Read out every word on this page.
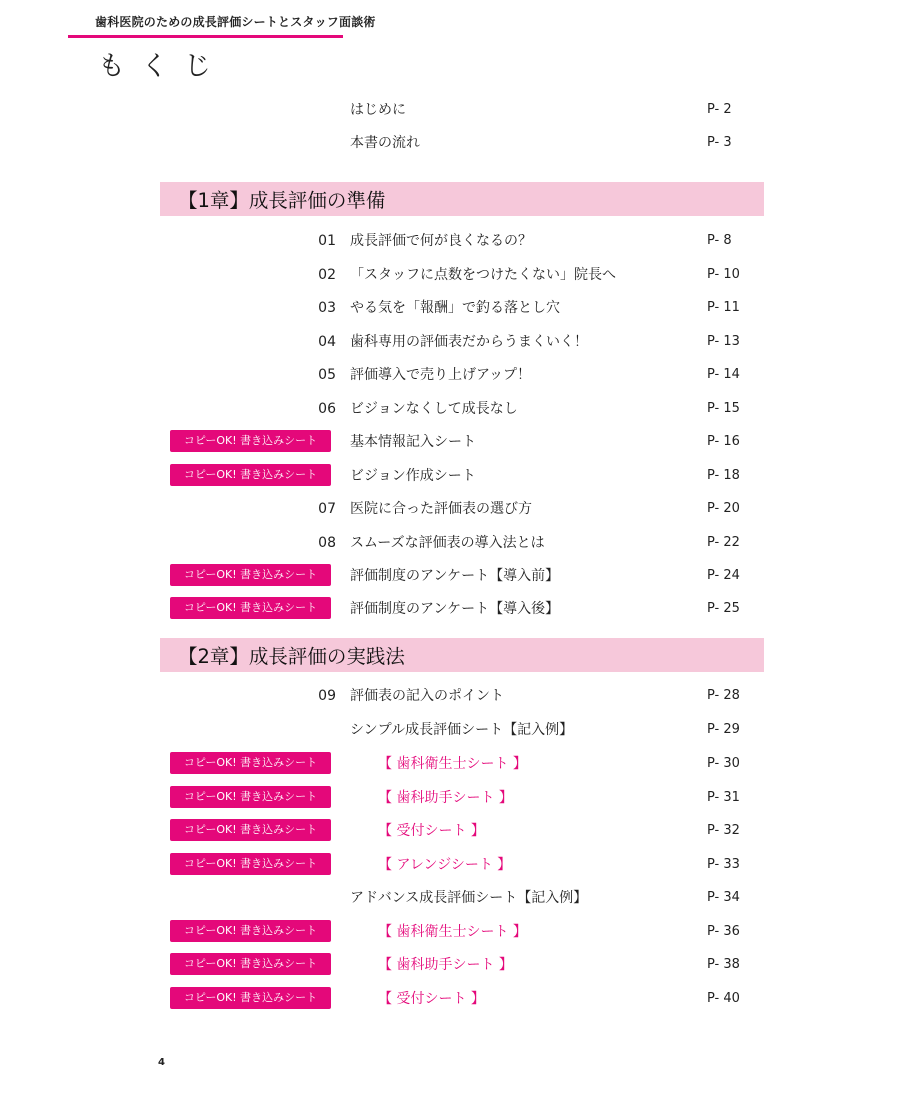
歯科医院のための成長評価シートとスタッフ面談術
もくじ
はじめに	P- 2
本書の流れ	P- 3
【1章】成長評価の準備
01 成長評価で何が良くなるの？	P- 8
02 「スタッフに点数をつけたくない」院長へ	P- 10
03 やる気を「報酬」で釣る落とし穴	P- 11
04 歯科専用の評価表だからうまくいく！	P- 13
05 評価導入で売り上げアップ！	P- 14
06 ビジョンなくして成長なし	P- 15
コピーOK! 書き込みシート	基本情報記入シート	P- 16
コピーOK! 書き込みシート	ビジョン作成シート	P- 18
07 医院に合った評価表の選び方	P- 20
08 スムーズな評価表の導入法とは	P- 22
コピーOK! 書き込みシート	評価制度のアンケート【導入前】	P- 24
コピーOK! 書き込みシート	評価制度のアンケート【導入後】	P- 25
【2章】成長評価の実践法
09 評価表の記入のポイント	P- 28
シンプル成長評価シート【記入例】	P- 29
コピーOK! 書き込みシート	【 歯科衛生士シート 】	P- 30
コピーOK! 書き込みシート	【 歯科助手シート 】	P- 31
コピーOK! 書き込みシート	【 受付シート 】	P- 32
コピーOK! 書き込みシート	【 アレンジシート 】	P- 33
アドバンス成長評価シート【記入例】	P- 34
コピーOK! 書き込みシート	【 歯科衛生士シート 】	P- 36
コピーOK! 書き込みシート	【 歯科助手シート 】	P- 38
コピーOK! 書き込みシート	【 受付シート 】	P- 40
4
